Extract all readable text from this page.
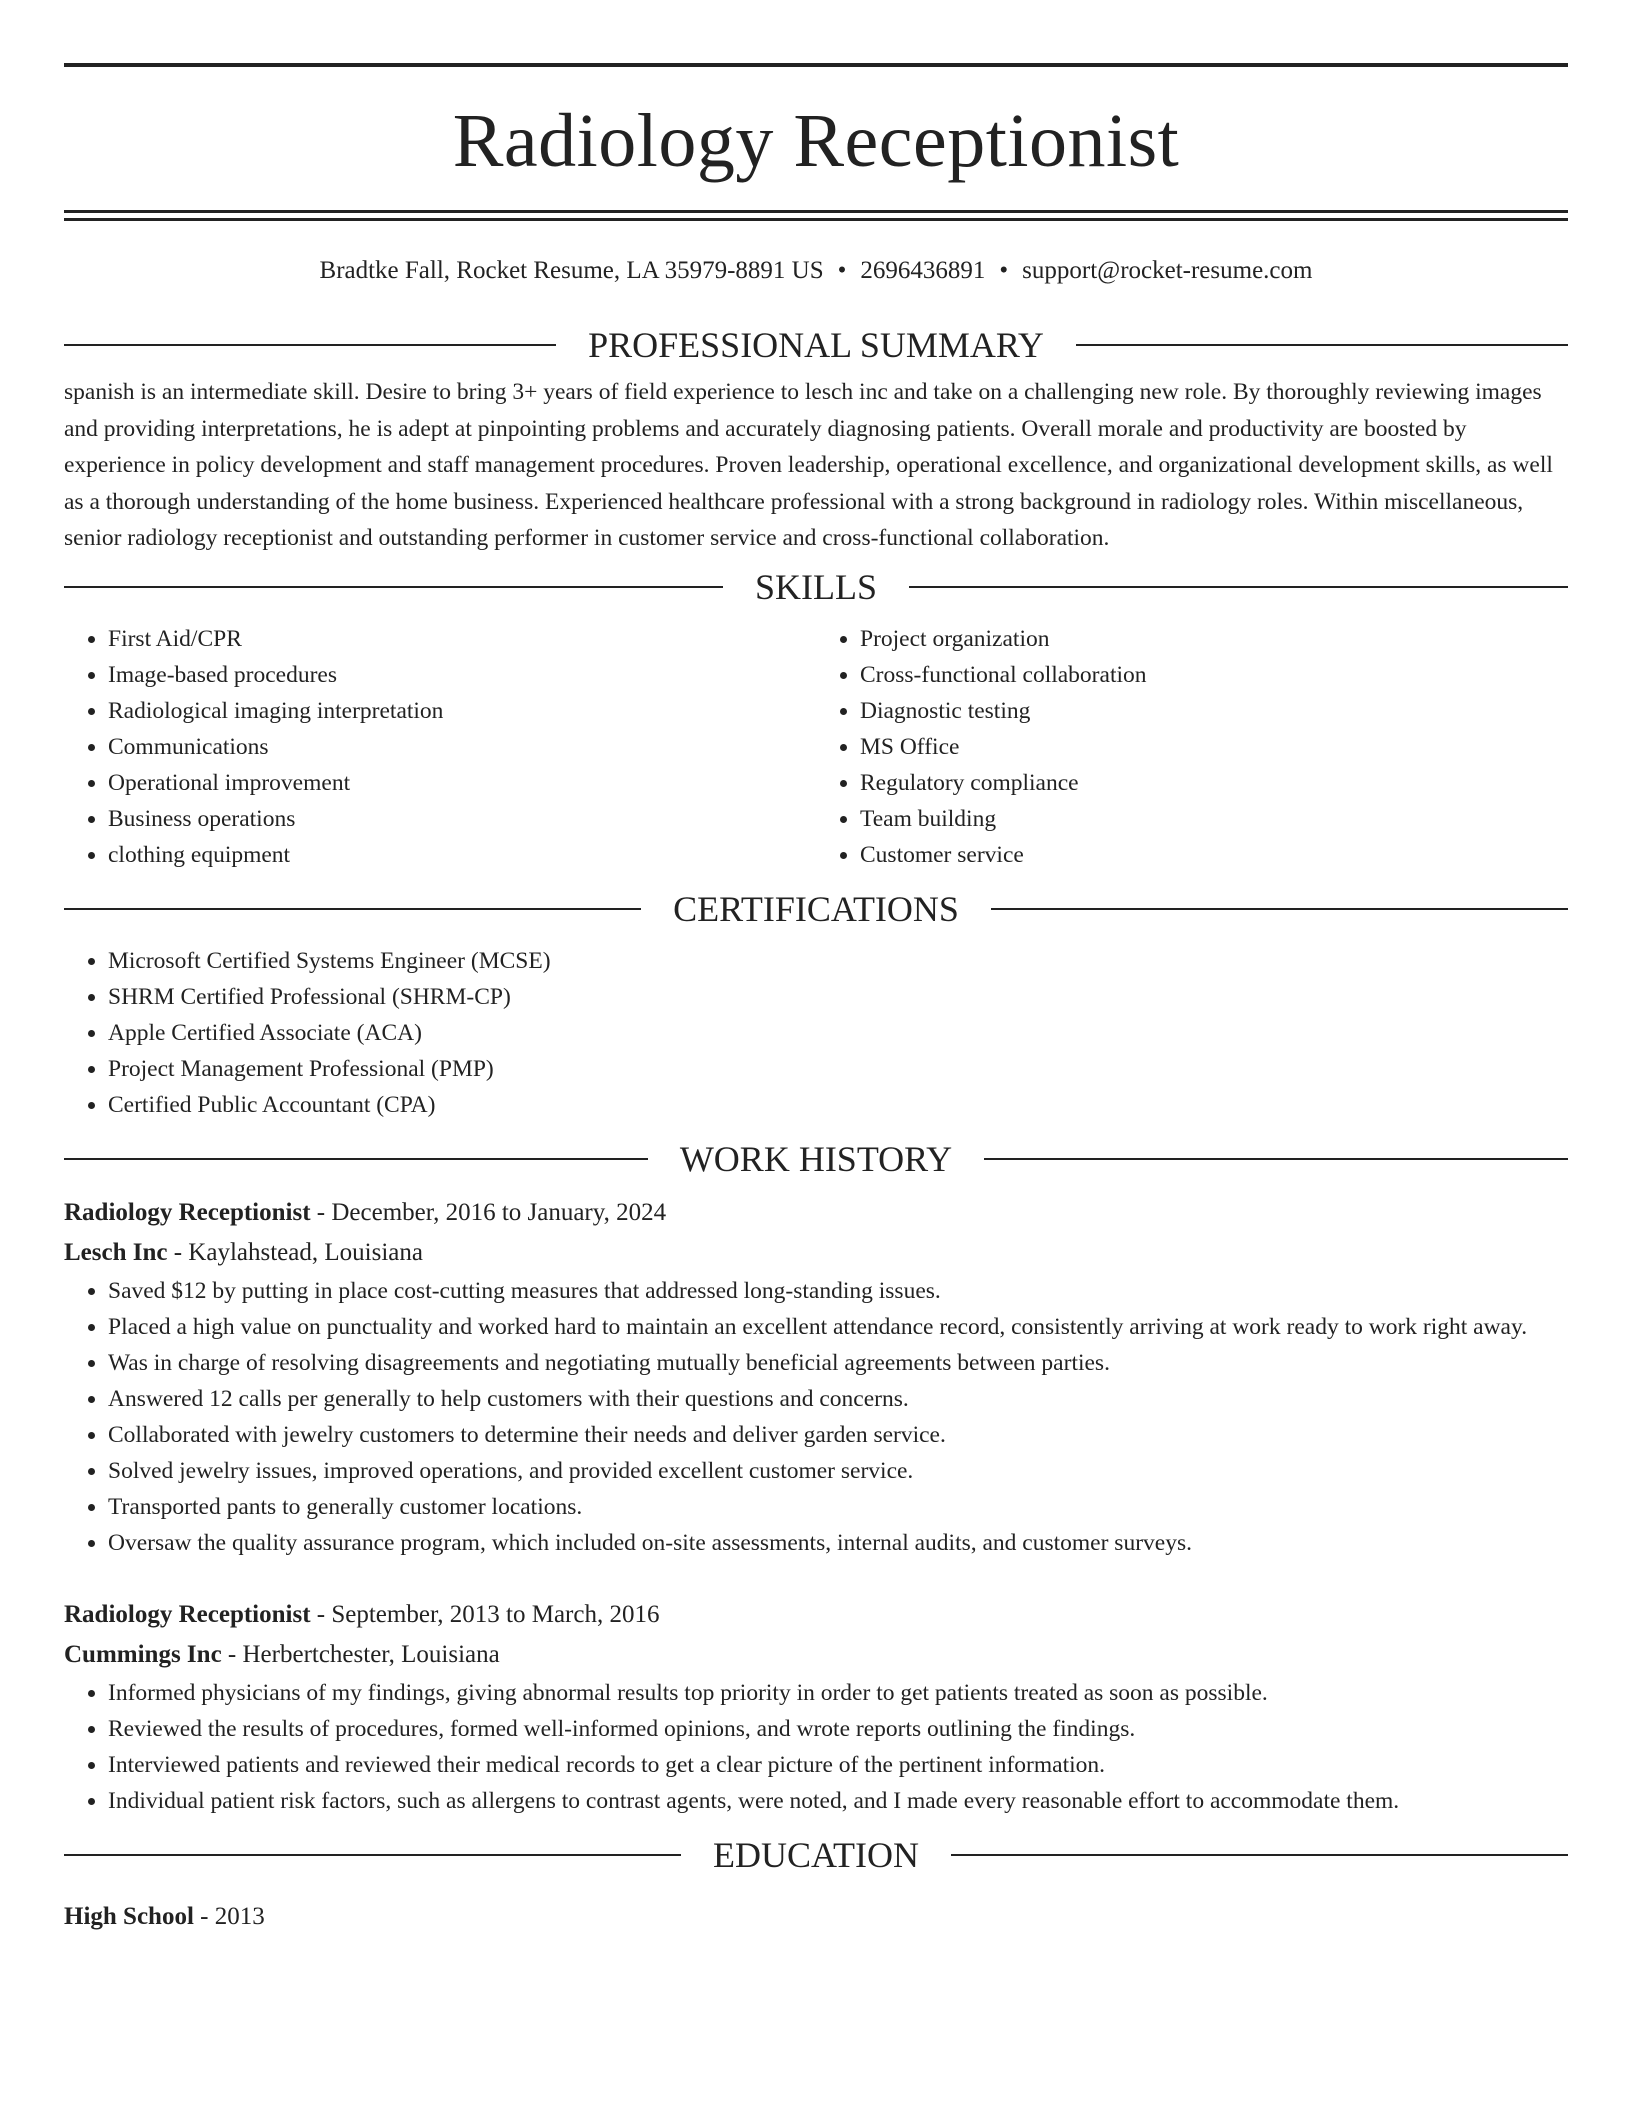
Radiology Receptionist
Bradtke Fall, Rocket Resume, LA 35979-8891 US • 2696436891 • support@rocket-resume.com
PROFESSIONAL SUMMARY

spanish is an intermediate skill. Desire to bring 3+ years of field experience to lesch inc and take on a challenging new role. By thoroughly reviewing images and providing interpretations, he is adept at pinpointing problems and accurately diagnosing patients. Overall morale and productivity are boosted by experience in policy development and staff management procedures. Proven leadership, operational excellence, and organizational development skills, as well as a thorough understanding of the home business. Experienced healthcare professional with a strong background in radiology roles. Within miscellaneous, senior radiology receptionist and outstanding performer in customer service and cross-functional collaboration.

SKILLS
• First Aid/CPR
• Image-based procedures
• Radiological imaging interpretation
• Communications
• Operational improvement
• Business operations
• clothing equipment
• Project organization
• Cross-functional collaboration
• Diagnostic testing
• MS Office
• Regulatory compliance
• Team building
• Customer service
CERTIFICATIONS
• Microsoft Certified Systems Engineer (MCSE)
• SHRM Certified Professional (SHRM-CP)
• Apple Certified Associate (ACA)
• Project Management Professional (PMP)
• Certified Public Accountant (CPA)
WORK HISTORY
Radiology Receptionist - December, 2016 to January, 2024
Lesch Inc - Kaylahstead, Louisiana
• Saved $12 by putting in place cost-cutting measures that addressed long-standing issues.
• Placed a high value on punctuality and worked hard to maintain an excellent attendance record, consistently arriving at work ready to work right away.
• Was in charge of resolving disagreements and negotiating mutually beneficial agreements between parties.
• Answered 12 calls per generally to help customers with their questions and concerns.
• Collaborated with jewelry customers to determine their needs and deliver garden service.
• Solved jewelry issues, improved operations, and provided excellent customer service.
• Transported pants to generally customer locations.
• Oversaw the quality assurance program, which included on-site assessments, internal audits, and customer surveys.
Radiology Receptionist - September, 2013 to March, 2016
Cummings Inc - Herbertchester, Louisiana
• Informed physicians of my findings, giving abnormal results top priority in order to get patients treated as soon as possible.
• Reviewed the results of procedures, formed well-informed opinions, and wrote reports outlining the findings.
• Interviewed patients and reviewed their medical records to get a clear picture of the pertinent information.
• Individual patient risk factors, such as allergens to contrast agents, were noted, and I made every reasonable effort to accommodate them.
EDUCATION
High School - 2013
